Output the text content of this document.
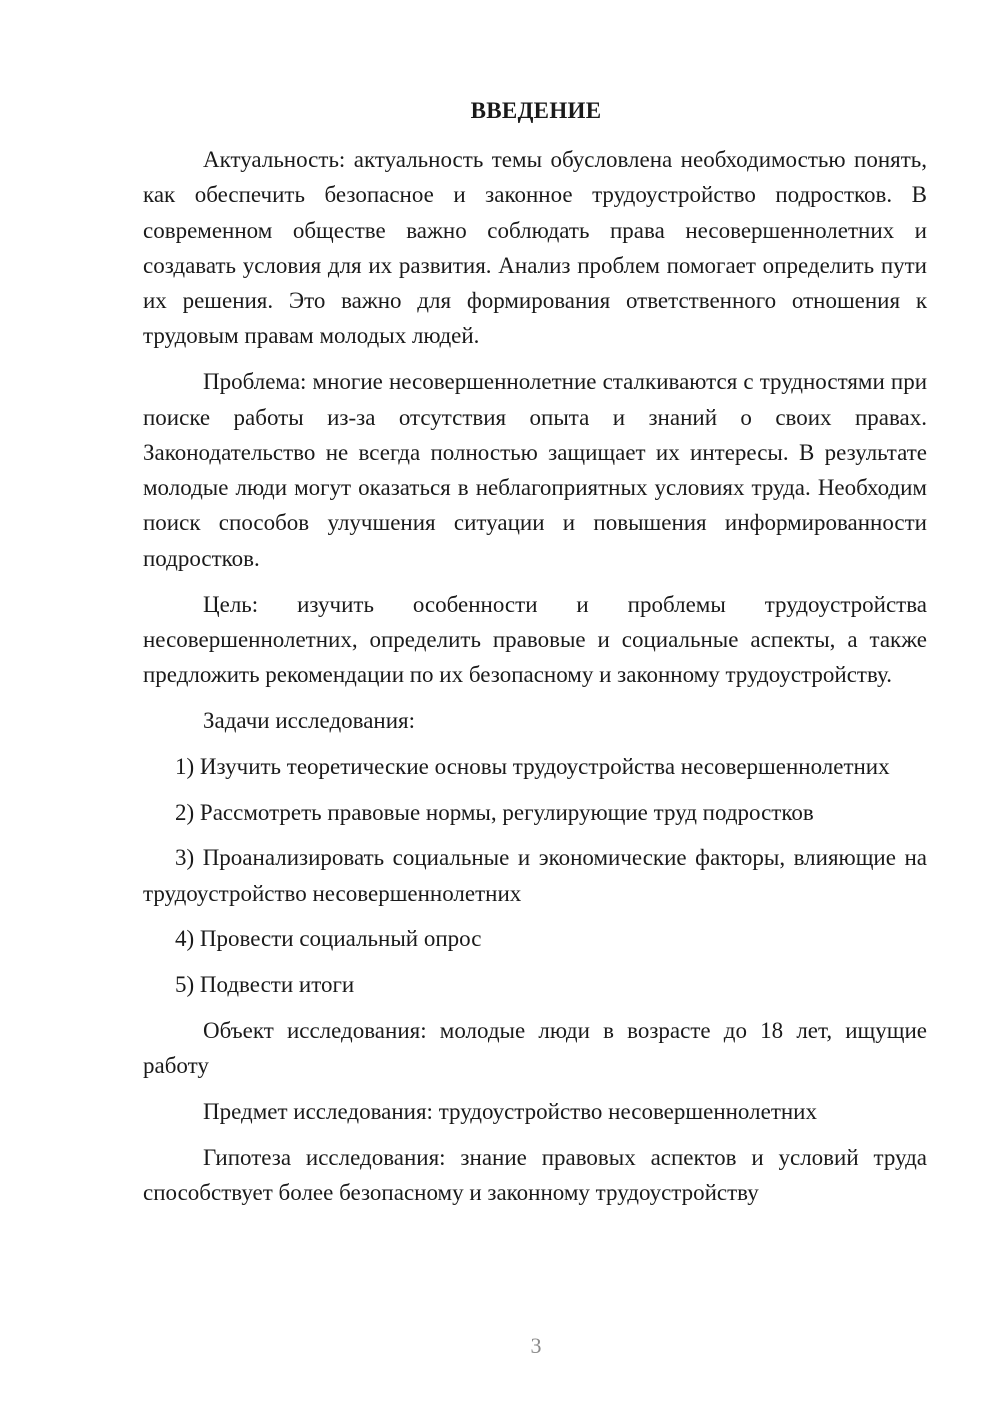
ВВЕДЕНИЕ

Актуальность: актуальность темы обусловлена необходимостью понять, как обеспечить безопасное и законное трудоустройство подростков. В современном обществе важно соблюдать права несовершеннолетних и создавать условия для их развития. Анализ проблем помогает определить пути их решения. Это важно для формирования ответственного отношения к трудовым правам молодых людей.

Проблема: многие несовершеннолетние сталкиваются с трудностями при поиске работы из-за отсутствия опыта и знаний о своих правах. Законодательство не всегда полностью защищает их интересы. В результате молодые люди могут оказаться в неблагоприятных условиях труда. Необходим поиск способов улучшения ситуации и повышения информированности подростков.

Цель: изучить особенности и проблемы трудоустройства несовершеннолетних, определить правовые и социальные аспекты, а также предложить рекомендации по их безопасному и законному трудоустройству.

Задачи исследования:

1) Изучить теоретические основы трудоустройства несовершеннолетних

2) Рассмотреть правовые нормы, регулирующие труд подростков

3) Проанализировать социальные и экономические факторы, влияющие на трудоустройство несовершеннолетних

4) Провести социальный опрос

5) Подвести итоги

Объект исследования: молодые люди в возрасте до 18 лет, ищущие работу

Предмет исследования: трудоустройство несовершеннолетних

Гипотеза исследования: знание правовых аспектов и условий труда способствует более безопасному и законному трудоустройству

3
